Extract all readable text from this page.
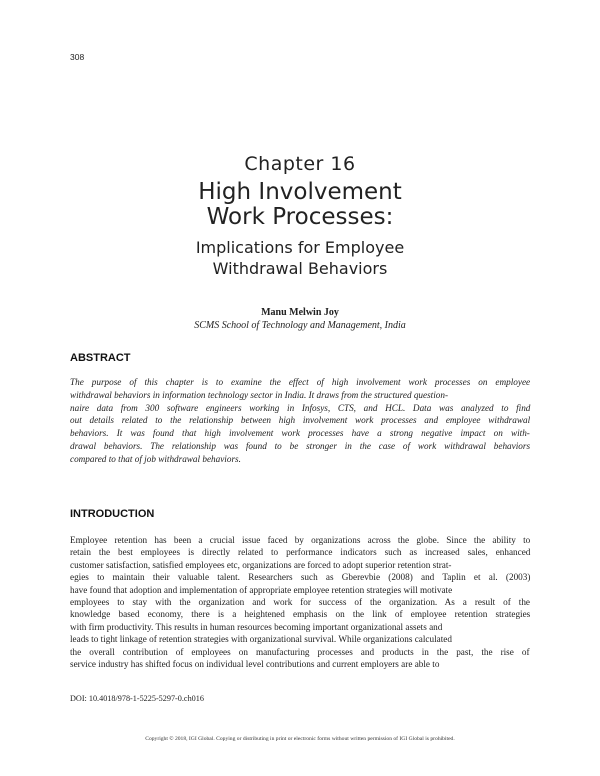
308
Chapter 16
High Involvement
Work Processes:
Implications for Employee
Withdrawal Behaviors
Manu Melwin Joy
SCMS School of Technology and Management, India
ABSTRACT
The purpose of this chapter is to examine the effect of high involvement work processes on employee
withdrawal behaviors in information technology sector in India. It draws from the structured question-
naire data from 300 software engineers working in Infosys, CTS, and HCL. Data was analyzed to find
out details related to the relationship between high involvement work processes and employee withdrawal
behaviors. It was found that high involvement work processes have a strong negative impact on with-
drawal behaviors. The relationship was found to be stronger in the case of work withdrawal behaviors
compared to that of job withdrawal behaviors.
INTRODUCTION
Employee retention has been a crucial issue faced by organizations across the globe. Since the ability to
retain the best employees is directly related to performance indicators such as increased sales, enhanced
customer satisfaction, satisfied employees etc, organizations are forced to adopt superior retention strat-
egies to maintain their valuable talent. Researchers such as Gberevbie (2008) and Taplin et al. (2003)
have found that adoption and implementation of appropriate employee retention strategies will motivate
employees to stay with the organization and work for success of the organization. As a result of the
knowledge based economy, there is a heightened emphasis on the link of employee retention strategies
with firm productivity. This results in human resources becoming important organizational assets and
leads to tight linkage of retention strategies with organizational survival. While organizations calculated
the overall contribution of employees on manufacturing processes and products in the past, the rise of
service industry has shifted focus on individual level contributions and current employers are able to
DOI: 10.4018/978-1-5225-5297-0.ch016
Copyright © 2018, IGI Global. Copying or distributing in print or electronic forms without written permission of IGI Global is prohibited.
